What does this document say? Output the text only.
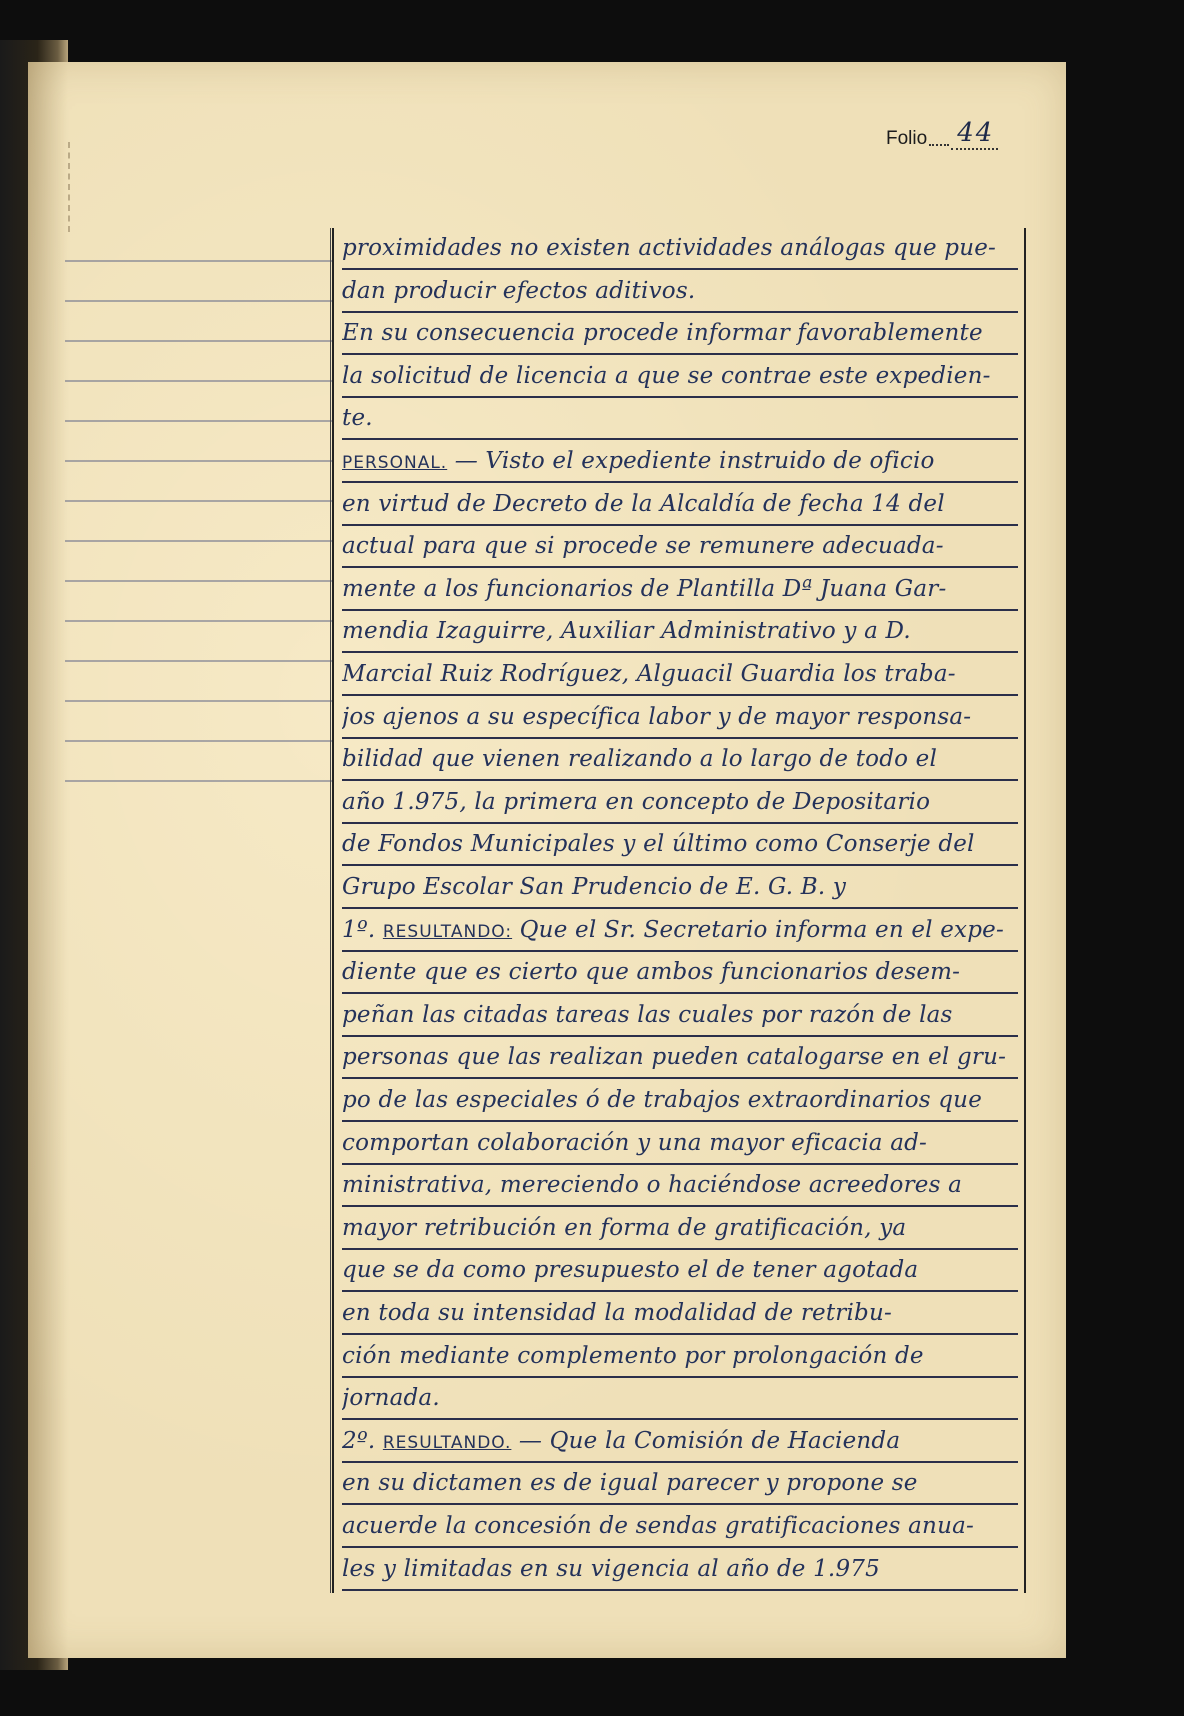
Folio 44
proximidades no existen actividades análogas que pue-
dan producir efectos aditivos.
En su consecuencia procede informar favorablemente
la solicitud de licencia a que se contrae este expedien-
te.
PERSONAL. — Visto el expediente instruido de oficio
en virtud de Decreto de la Alcaldía de fecha 14 del
actual para que si procede se remunere adecuada-
mente a los funcionarios de Plantilla Dª Juana Gar-
mendia Izaguirre, Auxiliar Administrativo y a D.
Marcial Ruiz Rodríguez, Alguacil Guardia los traba-
jos ajenos a su específica labor y de mayor responsa-
bilidad que vienen realizando a lo largo de todo el
año 1.975, la primera en concepto de Depositario
de Fondos Municipales y el último como Conserje del
Grupo Escolar San Prudencio de E. G. B. y
1º. RESULTANDO: Que el Sr. Secretario informa en el expe-
diente que es cierto que ambos funcionarios desem-
peñan las citadas tareas las cuales por razón de las
personas que las realizan pueden catalogarse en el gru-
po de las especiales ó de trabajos extraordinarios que
comportan colaboración y una mayor eficacia ad-
ministrativa, mereciendo o haciéndose acreedores a
mayor retribución en forma de gratificación, ya
que se da como presupuesto el de tener agotada
en toda su intensidad la modalidad de retribu-
ción mediante complemento por prolongación de
jornada.
2º. RESULTANDO. — Que la Comisión de Hacienda
en su dictamen es de igual parecer y propone se
acuerde la concesión de sendas gratificaciones anua-
les y limitadas en su vigencia al año de 1.975
